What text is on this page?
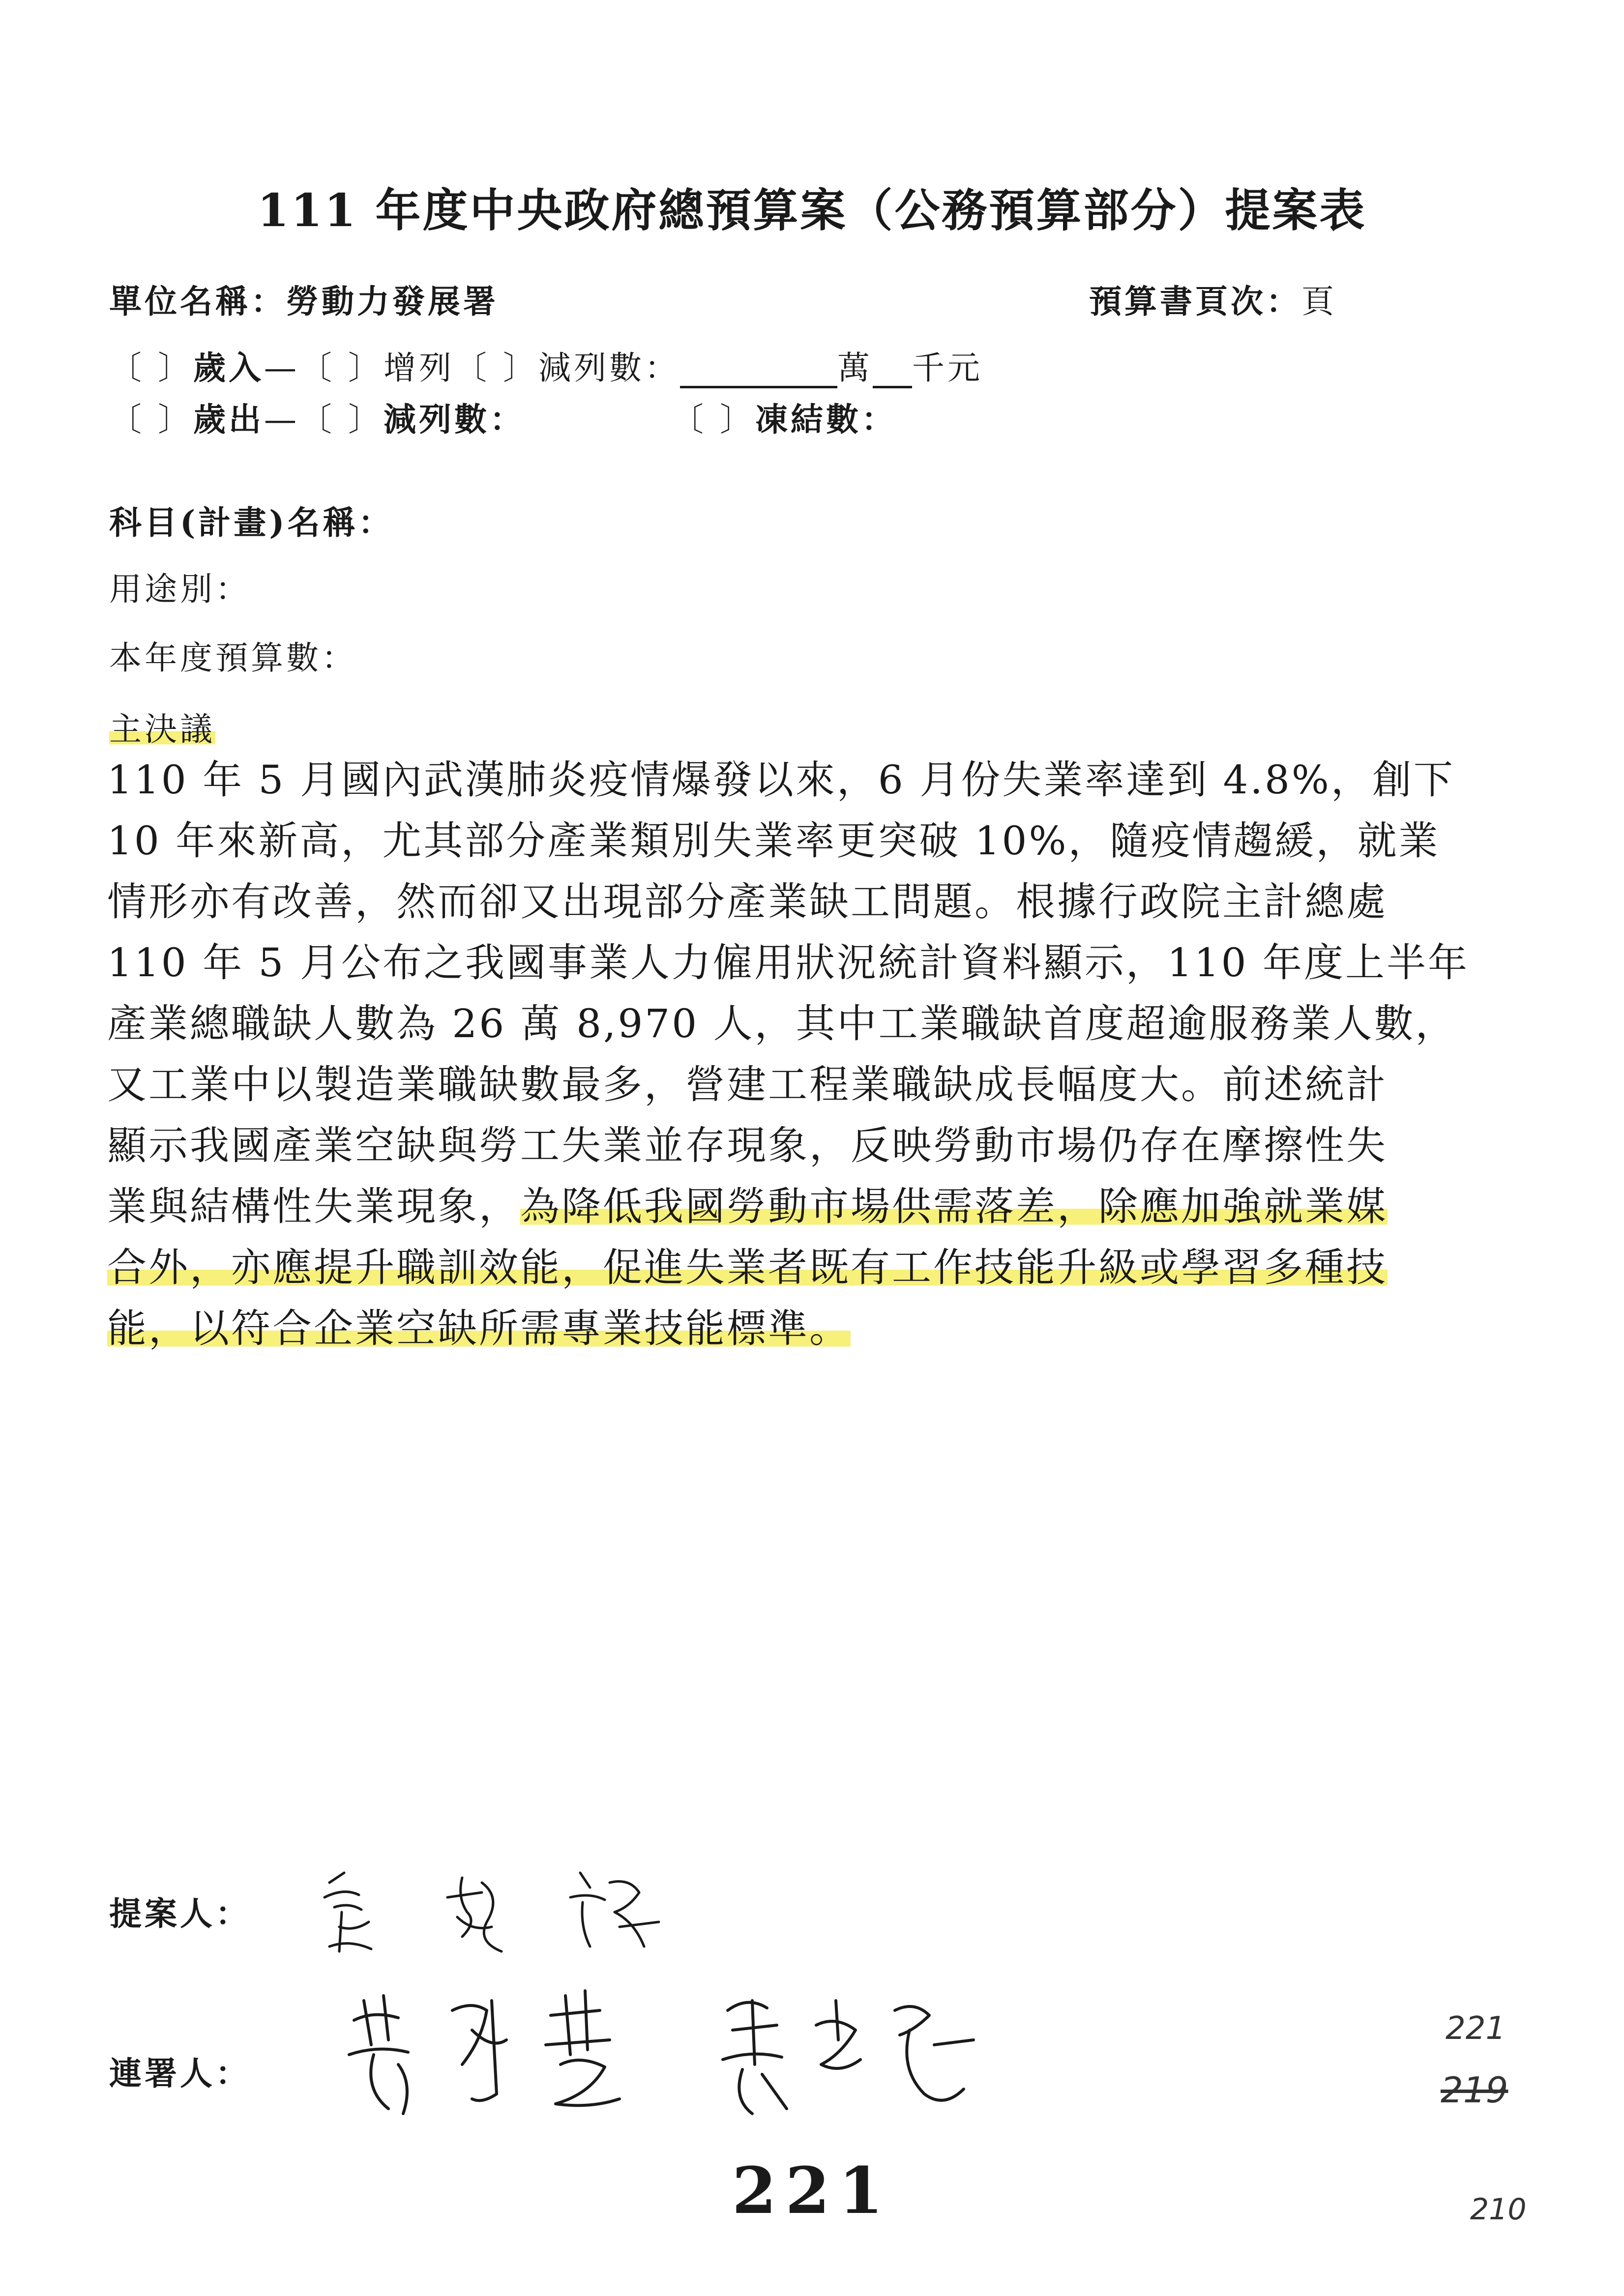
111 年度中央政府總預算案（公務預算部分）提案表
單位名稱：勞動力發展署	預算書頁次：頁
〔 〕歲入—〔 〕增列〔 〕減列數：	萬 千元
〔 〕歲出—〔 〕減列數：	〔 〕凍結數：
科目(計畫)名稱：
用途別：
本年度預算數：
主決議
110 年 5 月國內武漢肺炎疫情爆發以來，6 月份失業率達到 4.8%，創下
10 年來新高，尤其部分產業類別失業率更突破 10%，隨疫情趨緩，就業
情形亦有改善，然而卻又出現部分產業缺工問題。根據行政院主計總處
110 年 5 月公布之我國事業人力僱用狀況統計資料顯示，110 年度上半年
產業總職缺人數為 26 萬 8,970 人，其中工業職缺首度超逾服務業人數，
又工業中以製造業職缺數最多，營建工程業職缺成長幅度大。前述統計
顯示我國產業空缺與勞工失業並存現象，反映勞動市場仍存在摩擦性失
業與結構性失業現象，為降低我國勞動市場供需落差，除應加強就業媒
合外，亦應提升職訓效能，促進失業者既有工作技能升級或學習多種技
能，以符合企業空缺所需專業技能標準。
提案人：
連署人：
221
221
219
210
